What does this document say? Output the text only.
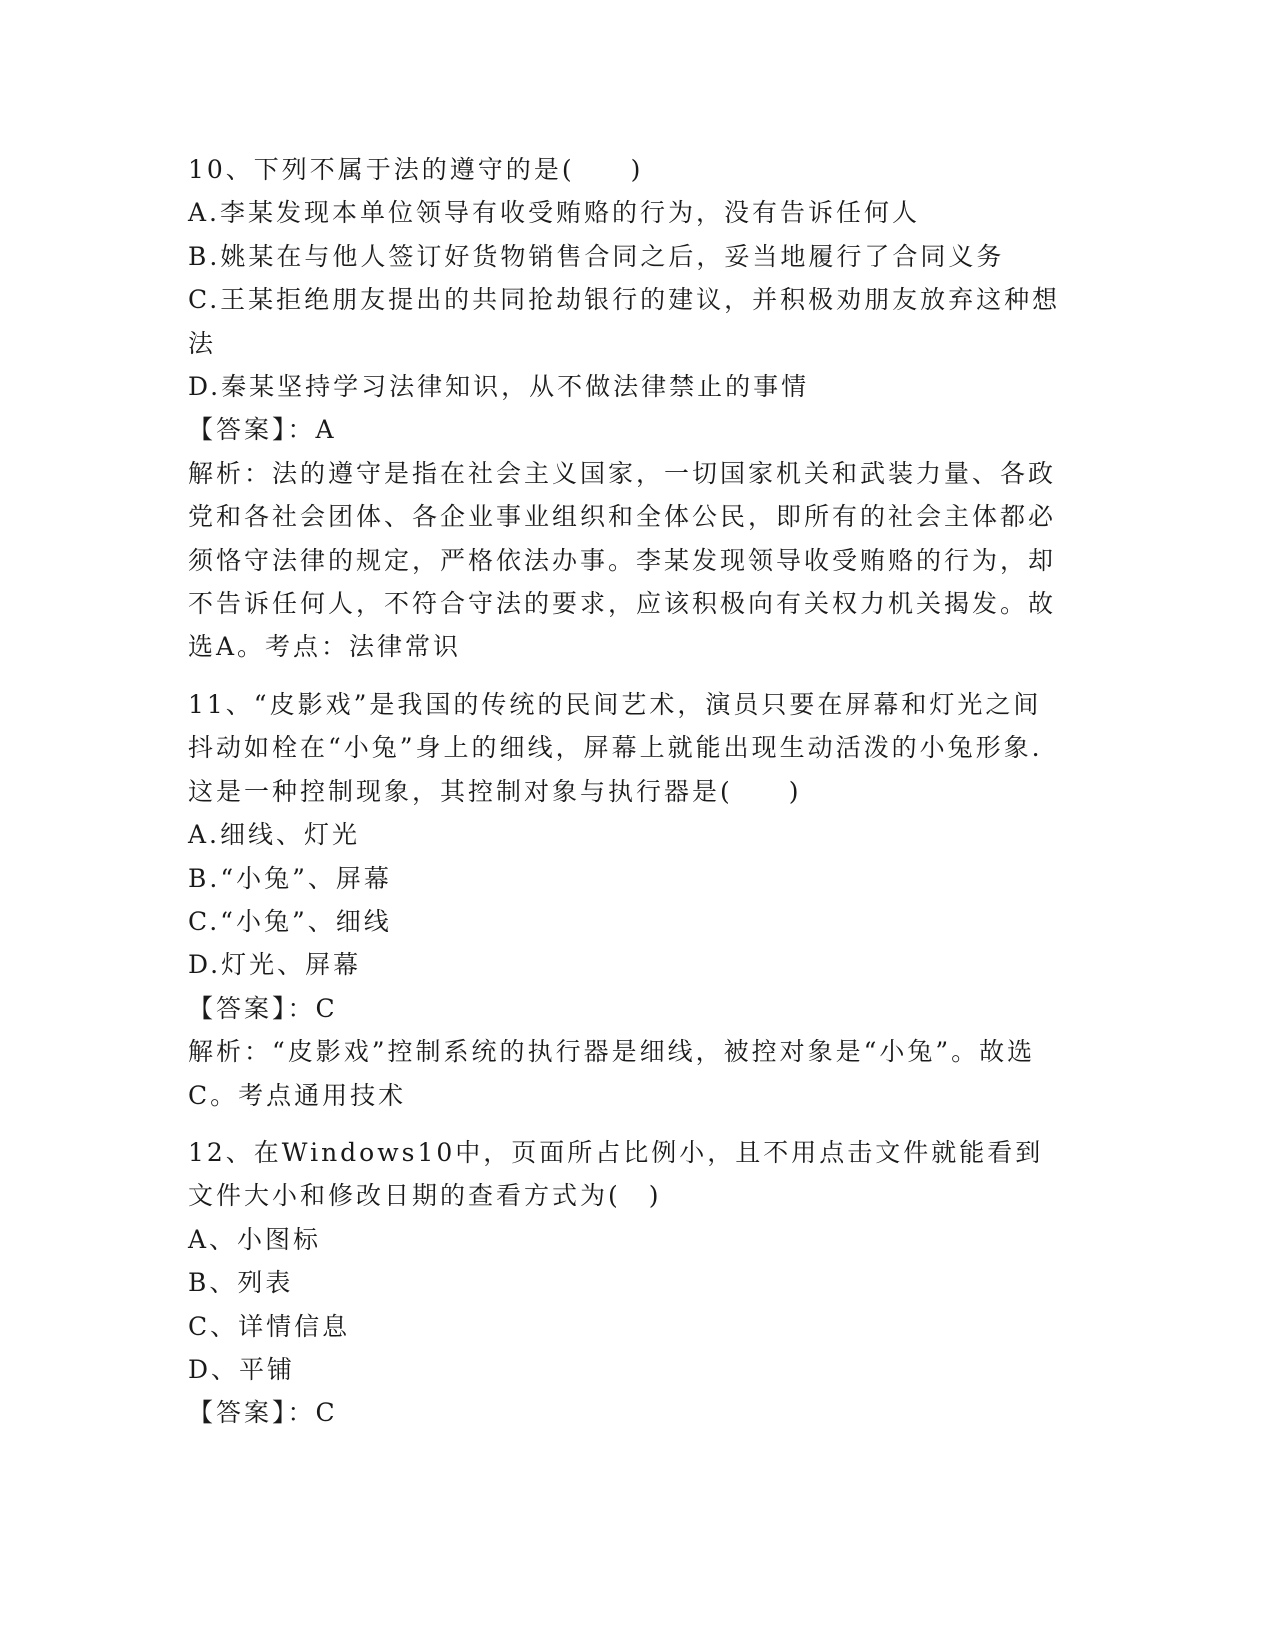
10、下列不属于法的遵守的是(　　)

A.李某发现本单位领导有收受贿赂的行为，没有告诉任何人

B.姚某在与他人签订好货物销售合同之后，妥当地履行了合同义务

C.王某拒绝朋友提出的共同抢劫银行的建议，并积极劝朋友放弃这种想法

D.秦某坚持学习法律知识，从不做法律禁止的事情

【答案】：A

解析：法的遵守是指在社会主义国家，一切国家机关和武装力量、各政党和各社会团体、各企业事业组织和全体公民，即所有的社会主体都必须恪守法律的规定，严格依法办事。李某发现领导收受贿赂的行为，却不告诉任何人，不符合守法的要求，应该积极向有关权力机关揭发。故选A。考点：法律常识

11、“皮影戏”是我国的传统的民间艺术，演员只要在屏幕和灯光之间抖动如栓在“小兔”身上的细线，屏幕上就能出现生动活泼的小兔形象.这是一种控制现象，其控制对象与执行器是(　　)

A.细线、灯光

B.“小兔”、屏幕

C.“小兔”、细线

D.灯光、屏幕

【答案】：C

解析：“皮影戏”控制系统的执行器是细线，被控对象是“小兔”。故选C。考点通用技术

12、在Windows10中，页面所占比例小，且不用点击文件就能看到文件大小和修改日期的查看方式为(　)

A、小图标

B、列表

C、详情信息

D、平铺

【答案】：C
